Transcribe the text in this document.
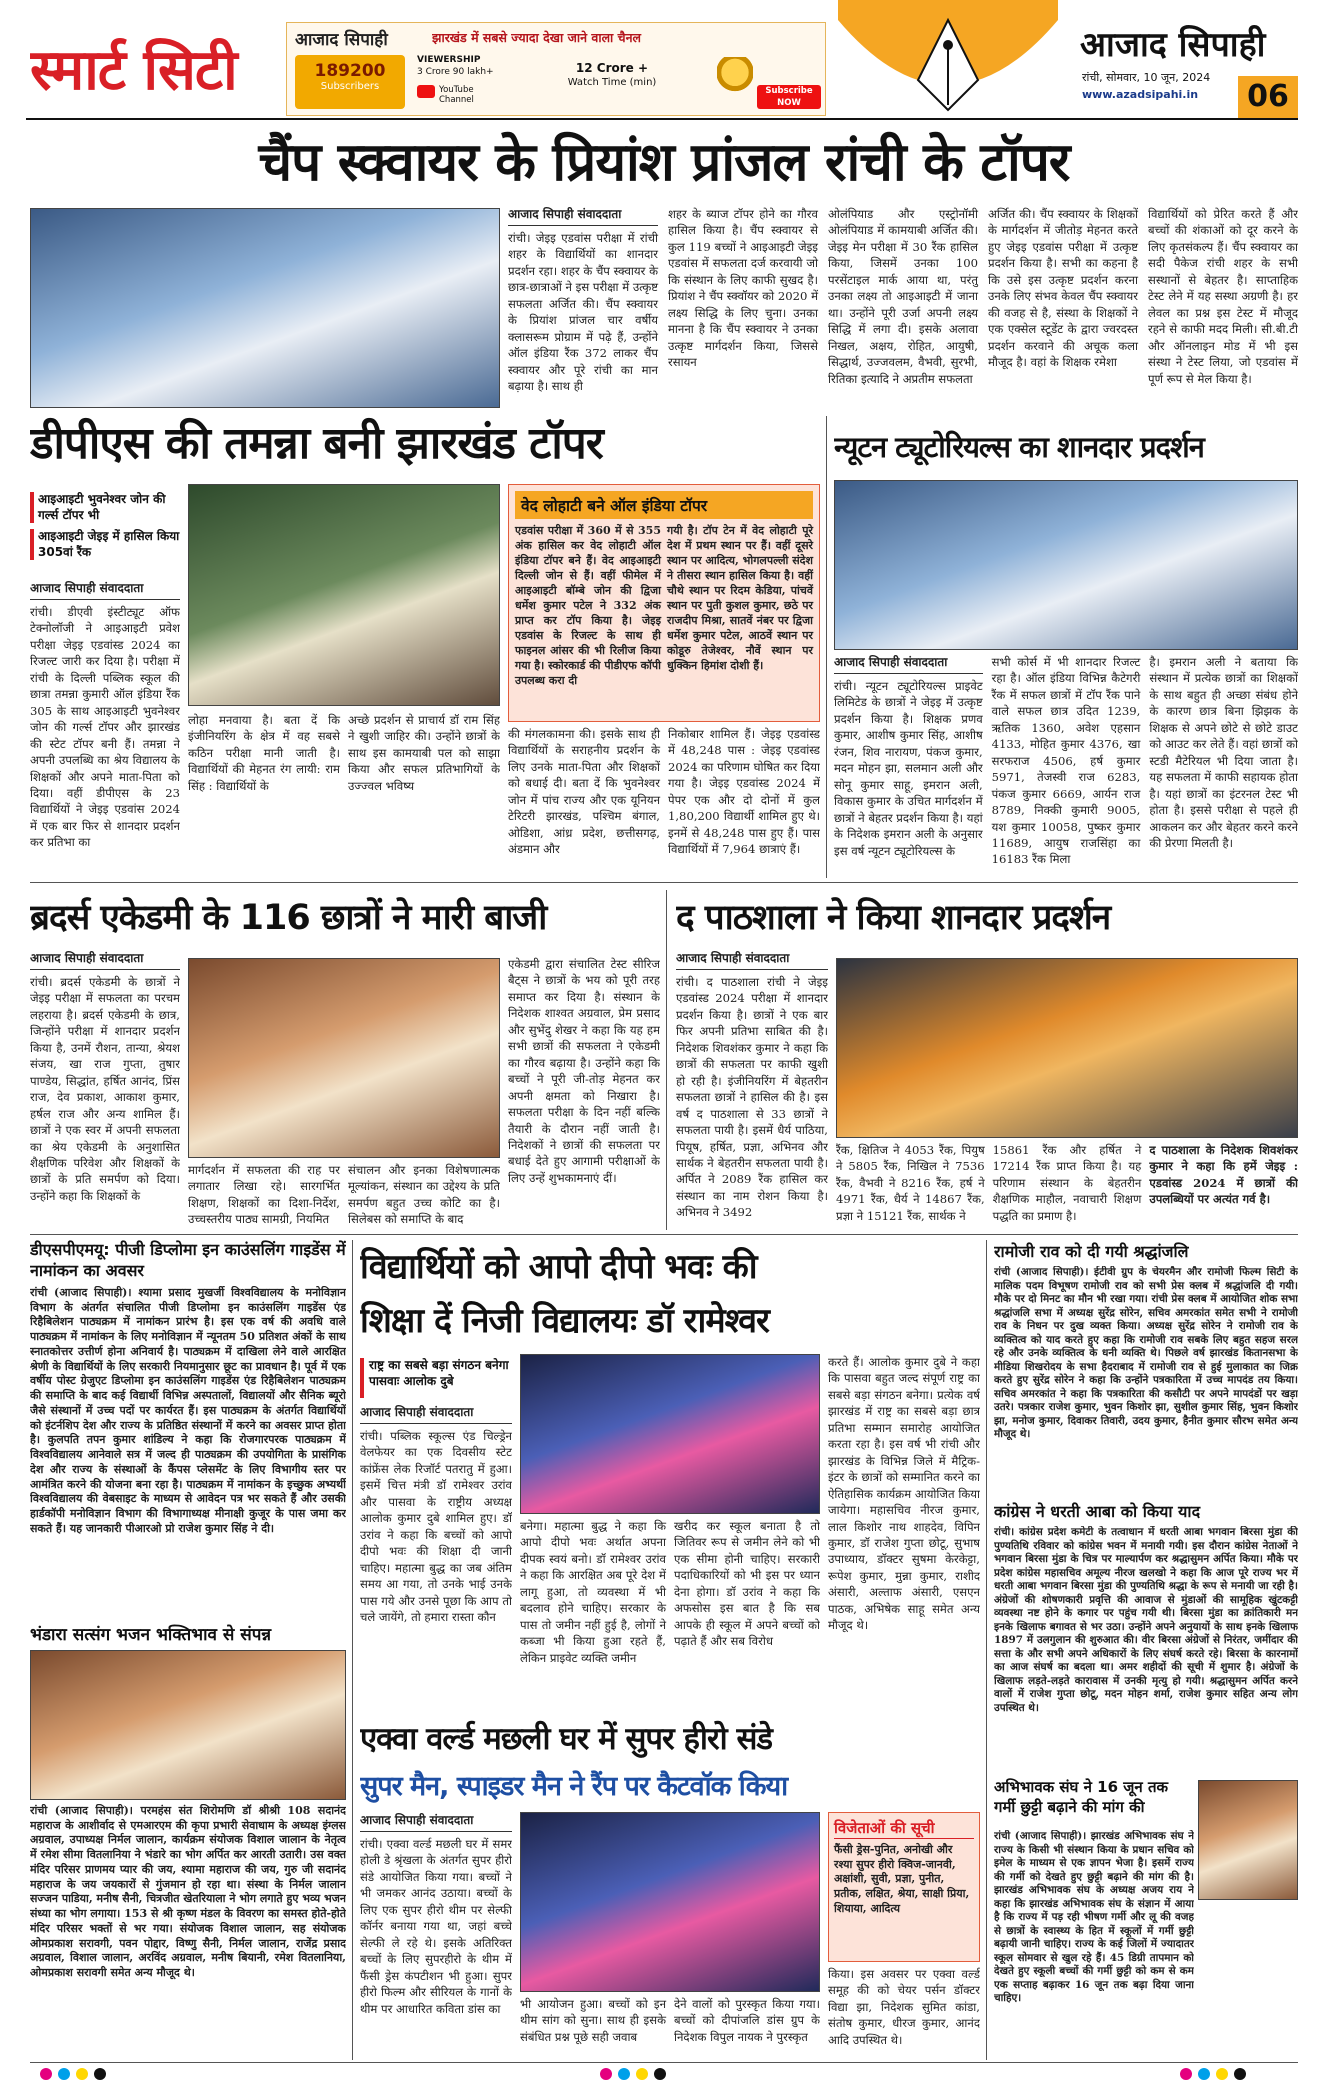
स्मार्ट सिटी	आजाद सिपाही	झारखंड में सबसे ज्यादा देखा जाने वाला चैनल
189200
Subscribers
VIEWERSHIP
3 Crore 90 lakh+
YouTube Channel
12 Crore +
Watch Time (min)
Subscribe NOW
आजाद सिपाही
रांची, सोमवार, 10 जून, 2024
www.azadsipahi.in	06
चैंप स्क्वायर के प्रियांश प्रांजल रांची के टॉपर
आजाद सिपाही संवाददाता

रांची। जेइइ एडवांस परीक्षा में रांची शहर के विद्यार्थियों का शानदार प्रदर्शन रहा। शहर के चैंप स्क्वायर के छात्र-छात्राओं ने इस परीक्षा में उत्कृष्ट सफलता अर्जित की। चैंप स्क्वायर के प्रियांश प्रांजल चार वर्षीय क्लासरूम प्रोग्राम में पढ़े हैं, उन्होंने ऑल इंडिया रैंक 372 लाकर चैंप स्क्वायर और पूरे रांची का मान बढ़ाया है। साथ ही

शहर के ब्याज टॉपर होने का गौरव हासिल किया है। चैंप स्क्वायर से कुल 119 बच्चों ने आइआइटी जेइइ एडवांस में सफलता दर्ज करवायी जो कि संस्थान के लिए काफी सुखद है। प्रियांश ने चैंप स्क्वॉयर को 2020 में लक्ष्य सिद्धि के लिए चुना। उनका मानना है कि चैंप स्क्वायर ने उनका उत्कृष्ट मार्गदर्शन किया, जिससे रसायन

ओलंपियाड और एस्ट्रोनॉमी ओलंपियाड में कामयाबी अर्जित की। जेइइ मेन परीक्षा में 30 रैंक हासिल किया, जिसमें उनका 100 परसेंटाइल मार्क आया था, परंतु उनका लक्ष्य तो आइआइटी में जाना था। उन्होंने पूरी उर्जा अपनी लक्ष्य सिद्धि में लगा दी। इसके अलावा निखल, अक्षय, रोहित, आयुषी, सिद्धार्थ, उज्जवलम, वैभवी, सुरभी, रितिका इत्यादि ने अप्रतीम सफलता

अर्जित की। चैंप स्क्वायर के शिक्षकों के मार्गदर्शन में जीतोड़ मेहनत करते हुए जेइइ एडवांस परीक्षा में उत्कृष्ट प्रदर्शन किया है। सभी का कहना है कि उसे इस उत्कृष्ट प्रदर्शन करना उनके लिए संभव केवल चैंप स्क्वायर की वजह से है, संस्था के शिक्षकों ने एक एक्सेल स्टूडेंट के द्वारा ज्वरदस्त प्रदर्शन करवाने की अचूक कला मौजूद है। वहां के शिक्षक रमेशा

विद्यार्थियों को प्रेरित करते हैं और बच्चों की शंकाओं को दूर करने के लिए कृतसंकल्प हैं। चैंप स्क्वायर का सदी पैकेज रांची शहर के सभी सस्थानों से बेहतर है। साप्ताहिक टेस्ट लेने में यह सस्था अग्रणी है। हर लेवल का प्रश्न इस टेस्ट में मौजूद रहने से काफी मदद मिली। सी.बी.टी और ऑनलाइन मोड में भी इस संस्था ने टेस्ट लिया, जो एडवांस में पूर्ण रूप से मेल किया है।

डीपीएस की तमन्ना बनी झारखंड टॉपर
आइआइटी भुवनेश्वर जोन की गर्ल्स टॉपर भी
आइआइटी जेइइ में हासिल किया 305वां रैंक
आजाद सिपाही संवाददाता

रांची। डीएवी इंस्टीट्यूट ऑफ टेक्नोलॉजी ने आइआइटी प्रवेश परीक्षा जेइइ एडवांस्ड 2024 का रिजल्ट जारी कर दिया है। परीक्षा में रांची के दिल्ली पब्लिक स्कूल की छात्रा तमन्ना कुमारी ऑल इंडिया रैंक 305 के साथ आइआइटी भुवनेश्वर जोन की गर्ल्स टॉपर और झारखंड की स्टेट टॉपर बनी हैं। तमन्ना ने अपनी उपलब्धि का श्रेय विद्यालय के शिक्षकों और अपने माता-पिता को दिया। वहीं डीपीएस के 23 विद्यार्थियों ने जेइइ एडवांस 2024 में एक बार फिर से शानदार प्रदर्शन कर प्रतिभा का

लोहा मनवाया है। बता दें कि इंजीनियरिंग के क्षेत्र में वह सबसे कठिन परीक्षा मानी जाती है। विद्यार्थियों की मेहनत रंग लायी: राम सिंह : विद्यार्थियों के

अच्छे प्रदर्शन से प्राचार्य डॉ राम सिंह ने खुशी जाहिर की। उन्होंने छात्रों के साथ इस कामयाबी पल को साझा किया और सफल प्रतिभागियों के उज्ज्वल भविष्य

वेद लोहाटी बने ऑल इंडिया टॉपर
एडवांस परीक्षा में 360 में से 355 अंक हासिल कर वेद लोहाटी ऑल इंडिया टॉपर बने हैं। वेद आइआइटी दिल्ली जोन से हैं। वहीं फीमेल में आइआइटी बॉम्बे जोन की द्विजा धर्मेश कुमार पटेल ने 332 अंक प्राप्त कर टॉप किया है। जेइइ एडवांस के रिजल्ट के साथ ही फाइनल आंसर की भी रिलीज किया गया है। स्कोरकार्ड की पीडीएफ कॉपी उपलब्ध करा दी
गयी है। टॉप टेन में वेद लोहाटी पूरे देश में प्रथम स्थान पर हैं। वहीं दूसरे स्थान पर आदित्य, भोगलपल्ली संदेश ने तीसरा स्थान हासिल किया है। वहीं चौथे स्थान पर रिदम केडिया, पांचवें स्थान पर पुती कुशल कुमार, छठे पर राजदीप मिश्रा, सातवें नंबर पर द्विजा धर्मेश कुमार पटेल, आठवें स्थान पर कोडूरु तेजेश्वर, नौवें स्थान पर धुक्किन हिमांश दोशी हैं।

की मंगलकामना की। इसके साथ ही विद्यार्थियों के सराहनीय प्रदर्शन के लिए उनके माता-पिता और शिक्षकों को बधाई दी। बता दें कि भुवनेश्वर जोन में पांच राज्य और एक यूनियन टेरिटरी झारखंड, पश्चिम बंगाल, ओडिशा, आंध्र प्रदेश, छत्तीसगढ़, अंडमान और

निकोबार शामिल हैं। जेइइ एडवांस्ड में 48,248 पास : जेइइ एडवांस्ड 2024 का परिणाम घोषित कर दिया गया है। जेइइ एडवांस्ड 2024 में पेपर एक और दो दोनों में कुल 1,80,200 विद्यार्थी शामिल हुए थे। इनमें से 48,248 पास हुए हैं। पास विद्यार्थियों में 7,964 छात्राएं हैं।

न्यूटन ट्यूटोरियल्स का शानदार प्रदर्शन
आजाद सिपाही संवाददाता

रांची। न्यूटन ट्यूटोरियल्स प्राइवेट लिमिटेड के छात्रों ने जेइइ में उत्कृष्ट प्रदर्शन किया है। शिक्षक प्रणव कुमार, आशीष कुमार सिंह, आशीष रंजन, शिव नारायण, पंकज कुमार, मदन मोहन झा, सलमान अली और सोनू कुमार साहू, इमरान अली, विकास कुमार के उचित मार्गदर्शन में छात्रों ने बेहतर प्रदर्शन किया है। यहां के निदेशक इमरान अली के अनुसार इस वर्ष न्यूटन ट्यूटोरियल्स के

सभी कोर्स में भी शानदार रिजल्ट रहा है। ऑल इंडिया विभिन्न कैटेगरी रैंक में सफल छात्रों में टॉप रैंक पाने वाले सफल छात्र उदित 1239, ऋतिक 1360, अवेश एहसान 4133, मोहित कुमार 4376, खा सरफराज 4506, हर्ष कुमार 5971, तेजस्वी राज 6283, पंकज कुमार 6669, आर्यन राज 8789, निक्की कुमारी 9005, यश कुमार 10058, पुष्कर कुमार 11689, आयुष राजसिंहा का 16183 रैंक मिला

है। इमरान अली ने बताया कि संस्थान में प्रत्येक छात्रों का शिक्षकों के साथ बहुत ही अच्छा संबंध होने के कारण छात्र बिना झिझक के शिक्षक से अपने छोटे से छोटे डाउट को आउट कर लेते हैं। वहां छात्रों को स्टडी मैटेरियल भी दिया जाता है। यह सफलता में काफी सहायक होता है। यहां छात्रों का इंटरनल टेस्ट भी होता है। इससे परीक्षा से पहले ही आकलन कर और बेहतर करने करने की प्रेरणा मिलती है।

ब्रदर्स एकेडमी के 116 छात्रों ने मारी बाजी
आजाद सिपाही संवाददाता

रांची। ब्रदर्स एकेडमी के छात्रों ने जेइइ परीक्षा में सफलता का परचम लहराया है। ब्रदर्स एकेडमी के छात्र, जिन्होंने परीक्षा में शानदार प्रदर्शन किया है, उनमें रौशन, तान्या, श्रेयश संजय, खा राज गुप्ता, तुषार पाण्डेय, सिद्धांत, हर्षित आनंद, प्रिंस राज, देव प्रकाश, आकाश कुमार, हर्षल राज और अन्य शामिल हैं। छात्रों ने एक स्वर में अपनी सफलता का श्रेय एकेडमी के अनुशासित शैक्षणिक परिवेश और शिक्षकों के छात्रों के प्रति समर्पण को दिया। उन्होंने कहा कि शिक्षकों के

मार्गदर्शन में सफलता की राह पर लगातार लिखा रहे। सारगर्भित शिक्षण, शिक्षकों का दिशा-निर्देश, उच्चस्तरीय पाठ्य सामग्री, नियमित

संचालन और इनका विशेषणात्मक मूल्यांकन, संस्थान का उद्देश्य के प्रति समर्पण बहुत उच्च कोटि का है। सिलेबस को समाप्ति के बाद

एकेडमी द्वारा संचालित टेस्ट सीरिज बैट्स ने छात्रों के भय को पूरी तरह समाप्त कर दिया है। संस्थान के निदेशक शाश्वत अग्रवाल, प्रेम प्रसाद और सुभेंदु शेखर ने कहा कि यह हम सभी छात्रों की सफलता ने एकेडमी का गौरव बढ़ाया है। उन्होंने कहा कि बच्चों ने पूरी जी-तोड़ मेहनत कर अपनी क्षमता को निखारा है। सफलता परीक्षा के दिन नहीं बल्कि तैयारी के दौरान नहीं जाती है। निदेशकों ने छात्रों की सफलता पर बधाई देते हुए आगामी परीक्षाओं के लिए उन्हें शुभकामनाएं दीं।

द पाठशाला ने किया शानदार प्रदर्शन
आजाद सिपाही संवाददाता

रांची। द पाठशाला रांची ने जेइइ एडवांस्ड 2024 परीक्षा में शानदार प्रदर्शन किया है। छात्रों ने एक बार फिर अपनी प्रतिभा साबित की है। निदेशक शिवशंकर कुमार ने कहा कि छात्रों की सफलता पर काफी खुशी हो रही है। इंजीनियरिंग में बेहतरीन सफलता छात्रों ने हासिल की है। इस वर्ष द पाठशाला से 33 छात्रों ने सफलता पायी है। इसमें धैर्य पाठिया, पियूष, हर्षित, प्रज्ञा, अभिनव और सार्थक ने बेहतरीन सफलता पायी है। अर्पित ने 2089 रैंक हासिल कर संस्थान का नाम रोशन किया है। अभिनव ने 3492

रैंक, क्षितिज ने 4053 रैंक, पियुष ने 5805 रैंक, निखिल ने 7536 रैंक, वैभवी ने 8216 रैंक, हर्ष ने 4971 रैंक, धैर्य ने 14867 रैंक, प्रज्ञा ने 15121 रैंक, सार्थक ने

15861 रैंक और हर्षित ने 17214 रैंक प्राप्त किया है। यह परिणाम संस्थान के बेहतरीन शैक्षणिक माहौल, नवाचारी शिक्षण पद्धति का प्रमाण है।

द पाठशाला के निदेशक शिवशंकर कुमार ने कहा कि हमें जेइइ : एडवांस्ड 2024 में छात्रों की उपलब्धियों पर अत्यंत गर्व है।

डीएसपीएमयू: पीजी डिप्लोमा इन काउंसलिंग गाइडेंस में नामांकन का अवसर
रांची (आजाद सिपाही)। श्यामा प्रसाद मुखर्जी विश्वविद्यालय के मनोविज्ञान विभाग के अंतर्गत संचालित पीजी डिप्लोमा इन काउंसलिंग गाइडेंस एंड रिहैबिलेशन पाठ्यक्रम में नामांकन प्रारंभ है। इस एक वर्ष की अवधि वाले पाठ्यक्रम में नामांकन के लिए मनोविज्ञान में न्यूनतम 50 प्रतिशत अंकों के साथ स्नातकोत्तर उत्तीर्ण होना अनिवार्य है। पाठ्यक्रम में दाखिला लेने वाले आरक्षित श्रेणी के विद्यार्थियों के लिए सरकारी नियमानुसार छूट का प्रावधान है। पूर्व में एक वर्षीय पोस्ट ग्रेजुएट डिप्लोमा इन काउंसलिंग गाइडेंस एंड रिहैबिलेशन पाठ्यक्रम की समाप्ति के बाद कई विद्यार्थी विभिन्न अस्पतालों, विद्यालयों और सैनिक ब्यूरो जैसे संस्थानों में उच्च पदों पर कार्यरत हैं। इस पाठ्यक्रम के अंतर्गत विद्यार्थियों को इंटर्नशिप देश और राज्य के प्रतिष्ठित संस्थानों में करने का अवसर प्राप्त होता है। कुलपति तपन कुमार शांडिल्य ने कहा कि रोजगारपरक पाठ्यक्रम में विश्वविद्यालय आनेवाले सत्र में जल्द ही पाठ्यक्रम की उपयोगिता के प्रासंगिक देश और राज्य के संस्थाओं के कैंपस प्लेसमेंट के लिए विभागीय स्तर पर आमंत्रित करने की योजना बना रहा है। पाठ्यक्रम में नामांकन के इच्छुक अभ्यर्थी विश्वविद्यालय की वेबसाइट के माध्यम से आवेदन पत्र भर सकते हैं और उसकी हार्डकॉपी मनोविज्ञान विभाग की विभागाध्यक्ष मीनाक्षी कुजूर के पास जमा कर सकते हैं। यह जानकारी पीआरओ प्रो राजेश कुमार सिंह ने दी।
भंडारा सत्संग भजन भक्तिभाव से संपन्न
रांची (आजाद सिपाही)। परमहंस संत शिरोमणि डॉ श्रीश्री 108 सदानंद महाराज के आशीर्वाद से एमआरएम की कृपा प्रभारी सेवाधाम के अध्यक्ष इंग्लस अग्रवाल, उपाध्यक्ष निर्मल जालान, कार्यक्रम संयोजक विशाल जालान के नेतृत्व में रमेश सीमा वितलानिया ने भंडारे का भोग अर्पित कर आरती उतारी। उस वक्त मंदिर परिसर प्राणमय प्यार की जय, श्यामा महाराज की जय, गुरु जी सदानंद महाराज के जय जयकारों से गुंजमान हो रहा था। संस्था के निर्मल जालान सज्जन पाडिया, मनीष सैनी, चित्रजीत खेतरियाला ने भोग लगाते हुए भव्य भजन संध्या का भोग लगाया। 153 से श्री कृष्ण मंडल के विवरण का समस्त होते-होते मंदिर परिसर भक्तों से भर गया। संयोजक विशाल जालान, सह संयोजक ओमप्रकाश सरावगी, पवन पोद्दार, विष्णु सैनी, निर्मल जालान, राजेंद्र प्रसाद अग्रवाल, विशाल जालान, अरविंद अग्रवाल, मनीष बियानी, रमेश वितलानिया, ओमप्रकाश सरावगी समेत अन्य मौजूद थे।
विद्यार्थियों को आपो दीपो भवः की
शिक्षा दें निजी विद्यालयः डॉ रामेश्वर
राष्ट्र का सबसे बड़ा संगठन बनेगा पासवाः आलोक दुबे
आजाद सिपाही संवाददाता

रांची। पब्लिक स्कूल्स एंड चिल्ड्रेन वेलफेयर का एक दिवसीय स्टेट कांफ्रेंस लेक रिजॉर्ट पतरातु में हुआ। इसमें चित्त मंत्री डॉ रामेश्वर उरांव और पासवा के राष्ट्रीय अध्यक्ष आलोक कुमार दुबे शामिल हुए। डॉ उरांव ने कहा कि बच्चों को आपो दीपो भवः की शिक्षा दी जानी चाहिए। महात्मा बुद्ध का जब अंतिम समय आ गया, तो उनके भाई उनके पास गये और उनसे पूछा कि आप तो चले जायेंगे, तो हमारा रास्ता कौन

बनेगा। महात्मा बुद्ध ने कहा कि आपो दीपो भवः अर्थात अपना दीपक स्वयं बनो। डॉ रामेश्वर उरांव ने कहा कि आरक्षित अब पूरे देश में लागू हुआ, तो व्यवस्था में भी बदलाव होने चाहिए। सरकार के पास तो जमीन नहीं हुई है, लोगों ने कब्जा भी किया हुआ रहते हैं, लेकिन प्राइवेट व्यक्ति जमीन

खरीद कर स्कूल बनाता है तो जितिवर रूप से जमीन लेने को भी एक सीमा होनी चाहिए। सरकारी पदाधिकारियों को भी इस पर ध्यान देना होगा। डॉ उरांव ने कहा कि अफसोस इस बात है कि सब आपके ही स्कूल में अपने बच्चों को पढ़ाते हैं और सब विरोध

करते हैं। आलोक कुमार दुबे ने कहा कि पासवा बहुत जल्द संपूर्ण राष्ट्र का सबसे बड़ा संगठन बनेगा। प्रत्येक वर्ष झारखंड में राष्ट्र का सबसे बड़ा छात्र प्रतिभा सम्मान समारोह आयोजित करता रहा है। इस वर्ष भी रांची और झारखंड के विभिन्न जिले में मैट्रिक-इंटर के छात्रों को सम्मानित करने का ऐतिहासिक कार्यक्रम आयोजित किया जायेगा। महासचिव नीरज कुमार, लाल किशोर नाथ शाहदेव, विपिन कुमार, डॉ राजेश गुप्ता छोटू, सुभाष उपाध्याय, डॉक्टर सुषमा केरकेट्टा, रूपेश कुमार, मुन्ना कुमार, राशीद अंसारी, अल्ताफ अंसारी, एसएन पाठक, अभिषेक साहू समेत अन्य मौजूद थे।

रामोजी राव को दी गयी श्रद्धांजलि
रांची (आजाद सिपाही)। ईटीवी ग्रुप के चेयरमैन और रामोजी फिल्म सिटी के मालिक पदम विभूषण रामोजी राव को सभी प्रेस क्लब में श्रद्धांजलि दी गयी। मौके पर दो मिनट का मौन भी रखा गया। रांची प्रेस क्लब में आयोजित शोक सभा श्रद्धांजलि सभा में अध्यक्ष सुरेंद्र सोरेन, सचिव अमरकांत समेत सभी ने रामोजी राव के निधन पर दुख व्यक्त किया। अध्यक्ष सुरेंद्र सोरेन ने रामोजी राव के व्यक्तित्व को याद करते हुए कहा कि रामोजी राव सबके लिए बहुत सहज सरल रहे और उनके व्यक्तित्व के धनी व्यक्ति थे। पिछले वर्ष झारखंड कितानसभा के मीडिया शिखरोदय के सभा हैदराबाद में रामोजी राव से हुई मुलाकात का जिक्र करते हुए सुरेंद्र सोरेन ने कहा कि उन्होंने पत्रकारिता में उच्च मापदंड तय किया। सचिव अमरकांत ने कहा कि पत्रकारिता की कसौटी पर अपने मापदंडों पर खड़ा उतरे। पत्रकार राजेश कुमार, भुवन किशोर झा, सुशील कुमार सिंह, भुवन किशोर झा, मनोज कुमार, दिवाकर तिवारी, उदय कुमार, हैनीत कुमार सौरभ समेत अन्य मौजूद थे।
कांग्रेस ने धरती आबा को किया याद
रांची। कांग्रेस प्रदेश कमेटी के तत्वाधान में धरती आबा भगवान बिरसा मुंडा की पुण्यतिथि रविवार को कांग्रेस भवन में मनायी गयी। इस दौरान कांग्रेस नेताओं ने भगवान बिरसा मुंडा के चित्र पर माल्यार्पण कर श्रद्धासुमन अर्पित किया। मौके पर प्रदेश कांग्रेस महासचिव अमूल्य नीरज खलखो ने कहा कि आज पूरे राज्य भर में धरती आबा भगवान बिरसा मुंडा की पुण्यतिथि श्रद्धा के रूप से मनायी जा रही है। अंग्रेजों की शोषणकारी प्रवृत्ति की आवाज से मुंडाओं की सामूहिक खुंटकट्टी व्यवस्था नष्ट होने के कगार पर पहुंच गयी थी। बिरसा मुंडा का क्रांतिकारी मन इनके खिलाफ बगावत से भर उठा। उन्होंने अपने अनुयायों के साथ इनके खिलाफ 1897 में उलगुलान की शुरुआत की। वीर बिरसा अंग्रेजों से निरंतर, जमींदार की सत्ता के और सभी अपने अधिकारों के लिए संघर्ष करते रहे। बिरसा के कारनामों का आज संघर्ष का बदला था। अमर शहीदों की सूची में शुमार है। अंग्रेजों के खिलाफ लड़ते-लड़ते कारावास में उनकी मृत्यु हो गयी। श्रद्धासुमन अर्पित करने वालों में राजेश गुप्ता छोटू, मदन मोहन शर्मा, राजेश कुमार सहित अन्य लोग उपस्थित थे।
अभिभावक संघ ने 16 जून तक गर्मी छुट्टी बढ़ाने की मांग की
रांची (आजाद सिपाही)। झारखंड अभिभावक संघ ने राज्य के किसी भी संस्थान किया के प्रधान सचिव को इमेल के माध्यम से एक ज्ञापन भेजा है। इसमें राज्य की गर्मी को देखते हुए छुट्टी बढ़ाने की मांग की है। झारखंड अभिभावक संघ के अध्यक्ष अजय राय ने कहा कि झारखंड अभिभावक संघ के संज्ञान में आया है कि राज्य में पड़ रही भीषण गर्मी और लू की वजह से छात्रों के स्वास्थ्य के हित में स्कूलों में गर्मी छुट्टी बढ़ायी जानी चाहिए। राज्य के कई जिलों में ज्यादातर स्कूल सोमवार से खुल रहे हैं। 45 डिग्री तापमान को देखते हुए स्कूली बच्चों की गर्मी छुट्टी को कम से कम एक सप्ताह बढ़ाकर 16 जून तक बढ़ा दिया जाना चाहिए।
एक्वा वर्ल्ड मछली घर में सुपर हीरो संडे
सुपर मैन, स्पाइडर मैन ने रैंप पर कैटवॉक किया
आजाद सिपाही संवाददाता

रांची। एक्वा वर्ल्ड मछली घर में समर होली डे श्रृंखला के अंतर्गत सुपर हीरो संडे आयोजित किया गया। बच्चों ने भी जमकर आनंद उठाया। बच्चों के लिए एक सुपर हीरो थीम पर सेल्फी कॉर्नर बनाया गया था, जहां बच्चे सेल्फी ले रहे थे। इसके अतिरिक्त बच्चों के लिए सुपरहीरो के थीम में फैंसी ड्रेस कंपटीशन भी हुआ। सुपर हीरो फिल्म और सीरियल के गानों के थीम पर आधारित कविता डांस का	भी आयोजन हुआ। बच्चों को इन थीम सांग को सुना। साथ ही इसके संबंधित प्रश्न पूछे सही जवाब

देने वालों को पुरस्कृत किया गया। बच्चों को दीपांजलि डांस ग्रुप के निदेशक विपुल नायक ने पुरस्कृत

विजेताओं की सूची
फैंसी ड्रेस-पुनित, अनोखी और रश्या सुपर हीरो क्विज-जानवी, अक्षांशी, सुवी, प्रज्ञा, पुनीत, प्रतीक, लक्षित, श्रेया, साक्षी प्रिया, शियाया, आदित्य

किया। इस अवसर पर एक्वा वर्ल्ड समूह की को चेयर पर्सन डॉक्टर विद्या झा, निदेशक सुमित कांडा, संतोष कुमार, धीरज कुमार, आनंद आदि उपस्थित थे।
